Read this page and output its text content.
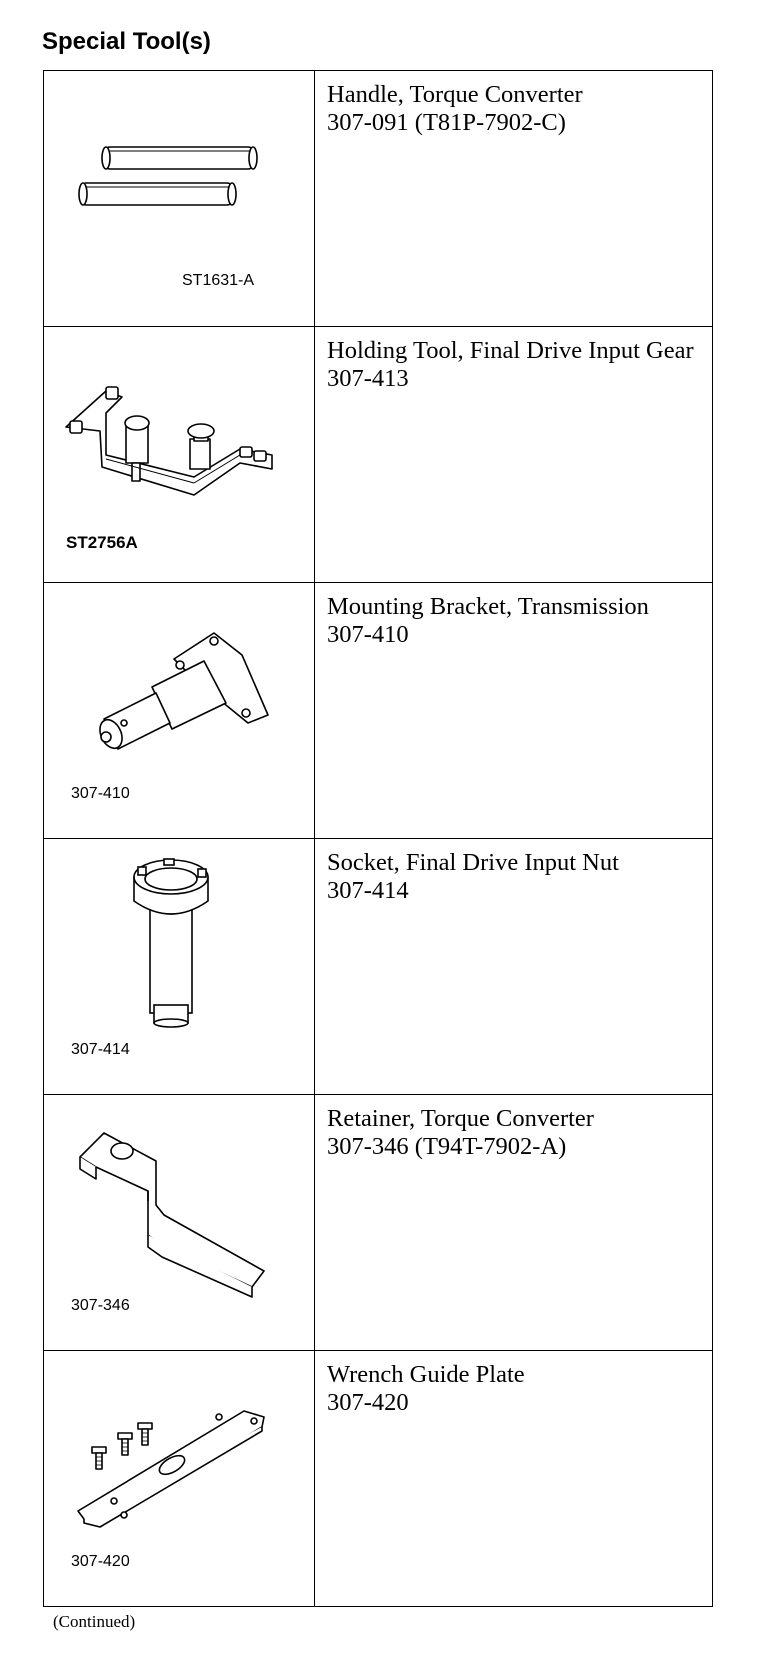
Special Tool(s)
ST1631-A	Handle, Torque Converter
307-091 (T81P-7902-C)

ST2756A	Holding Tool, Final Drive Input Gear
307-413

307-410	Mounting Bracket, Transmission
307-410

307-414	Socket, Final Drive Input Nut
307-414

307-346	Retainer, Torque Converter
307-346 (T94T-7902-A)

307-420	Wrench Guide Plate
307-420
(Continued)
